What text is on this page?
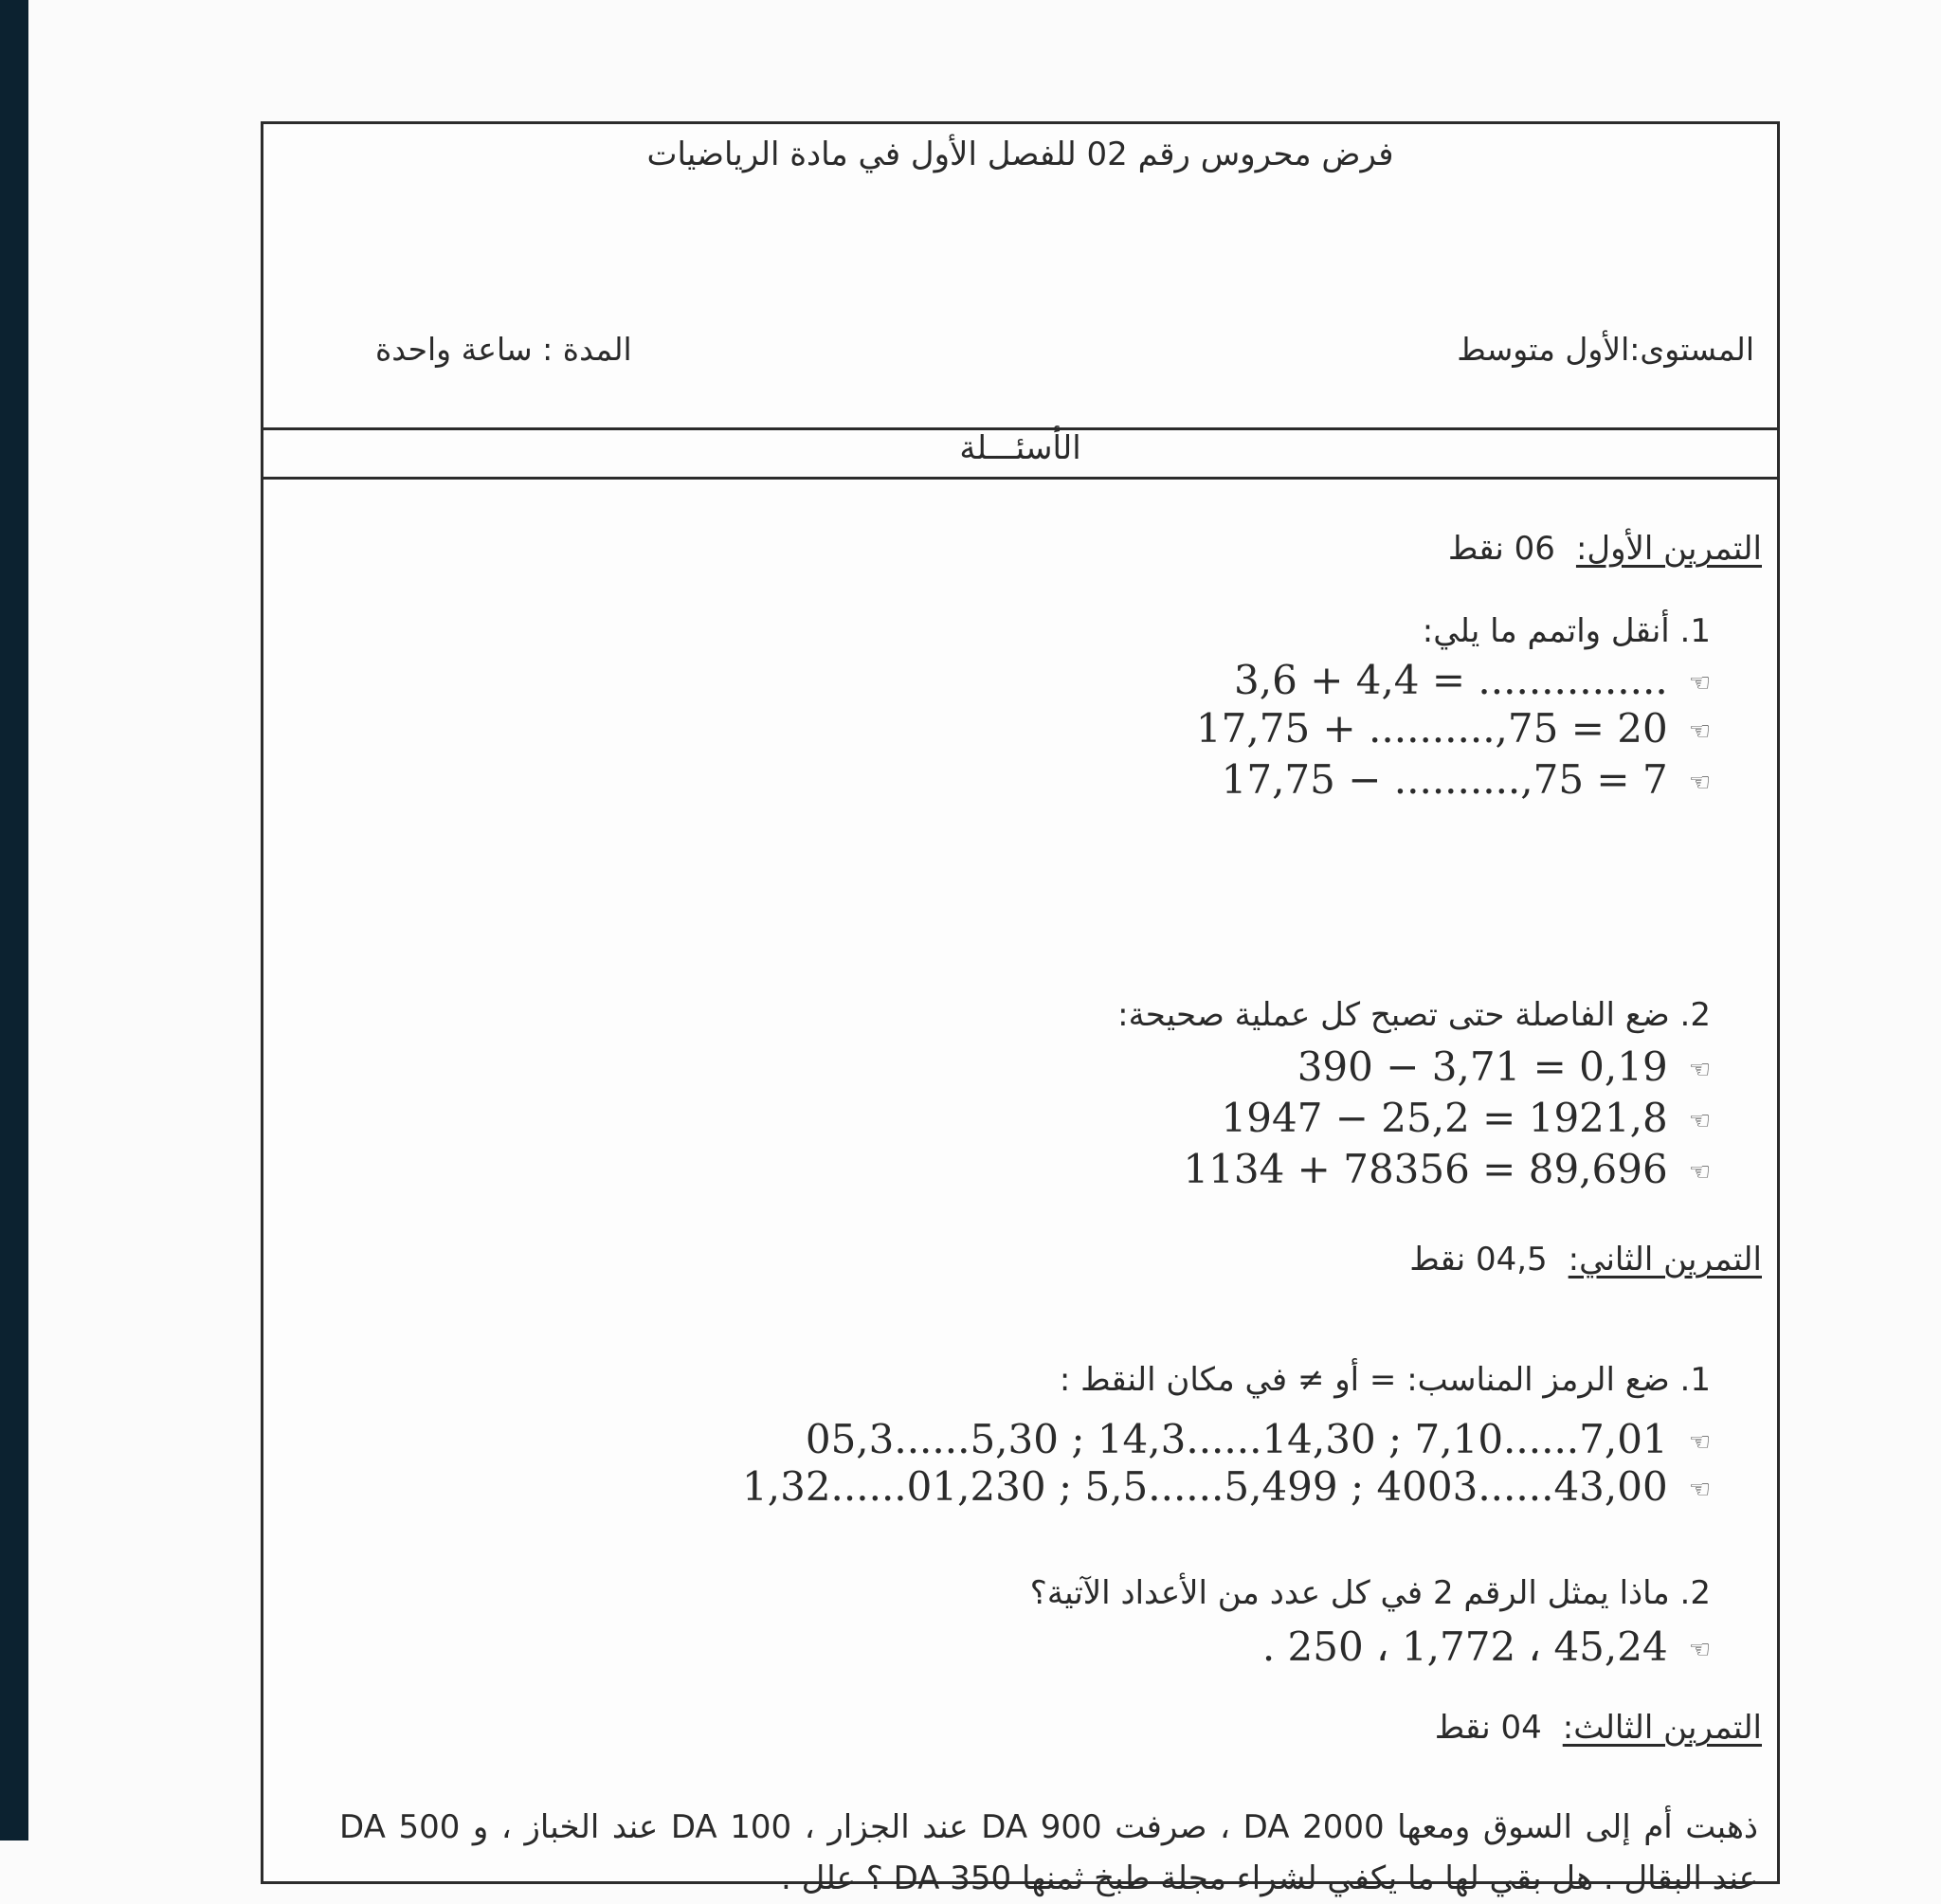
فرض محروس رقم 02 للفصل الأول في مادة الرياضيات
المستوى:الأول متوسط
المدة : ساعة واحدة
الأسئـــلة
التمرين الأول:06 نقط
1. أنقل واتمم ما يلي:
3,6 + 4,4 = ............... ☜
17,75 + ..........,75 = 20 ☜
17,75 − ..........,75 = 7 ☜
2. ضع الفاصلة حتى تصبح كل عملية صحيحة:
390 − 3,71 = 0,19 ☜
1947 − 25,2 = 1921,8 ☜
1134 + 78356 = 89,696 ☜
التمرين الثاني:04,5 نقط
1. ضع الرمز المناسب: = أو ≠ في مكان النقط :
05,3......5,30 ; 14,3......14,30 ; 7,10......7,01 ☜
1,32......01,230 ; 5,5......5,499 ; 4003......43,00 ☜
2. ماذا يمثل الرقم 2 في كل عدد من الأعداد الآتية؟
. 250 ، 1,772 ، 45,24 ☜
التمرين الثالث:04 نقط
ذهبت أم إلى السوق ومعها 2000 DA ، صرفت 900 DA عند الجزار ، 100 DA عند الخباز ، و 500 DA عند البقال . هل بقي لها ما يكفي لشراء مجلة طبخ ثمنها 350 DA ؟ علل .
